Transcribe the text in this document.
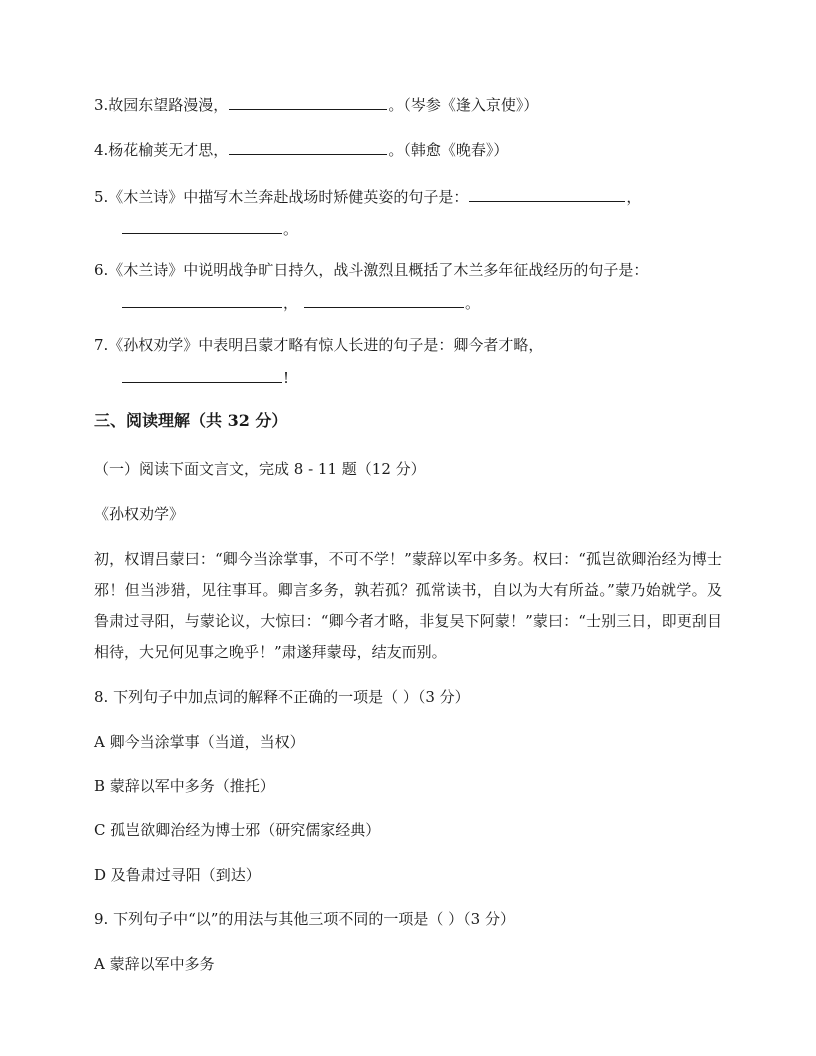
3.故园东望路漫漫，	。（岑参《逢入京使》）
4.杨花榆荚无才思，	。（韩愈《晚春》）
5.《木兰诗》中描写木兰奔赴战场时矫健英姿的句子是：	，
。
6.《木兰诗》中说明战争旷日持久，战斗激烈且概括了木兰多年征战经历的句子是：
，	。
7.《孙权劝学》中表明吕蒙才略有惊人长进的句子是：卿今者才略，
!
三、阅读理解（共 32 分）
（一）阅读下面文言文，完成 8 - 11 题（12 分）
《孙权劝学》
初，权谓吕蒙曰：“卿今当涂掌事，不可不学！”蒙辞以军中多务。权曰：“孤岂欲卿治经为博士邪！但当涉猎，见往事耳。卿言多务，孰若孤？孤常读书，自以为大有所益。”蒙乃始就学。及鲁肃过寻阳，与蒙论议，大惊曰：“卿今者才略，非复吴下阿蒙！”蒙曰：“士别三日，即更刮目相待，大兄何见事之晚乎！”肃遂拜蒙母，结友而别。
8. 下列句子中加点词的解释不正确的一项是（ ）（3 分）
A 卿今当涂掌事（当道，当权）
B 蒙辞以军中多务（推托）
C 孤岂欲卿治经为博士邪（研究儒家经典）
D 及鲁肃过寻阳（到达）
9. 下列句子中“以”的用法与其他三项不同的一项是（ ）（3 分）
A 蒙辞以军中多务
